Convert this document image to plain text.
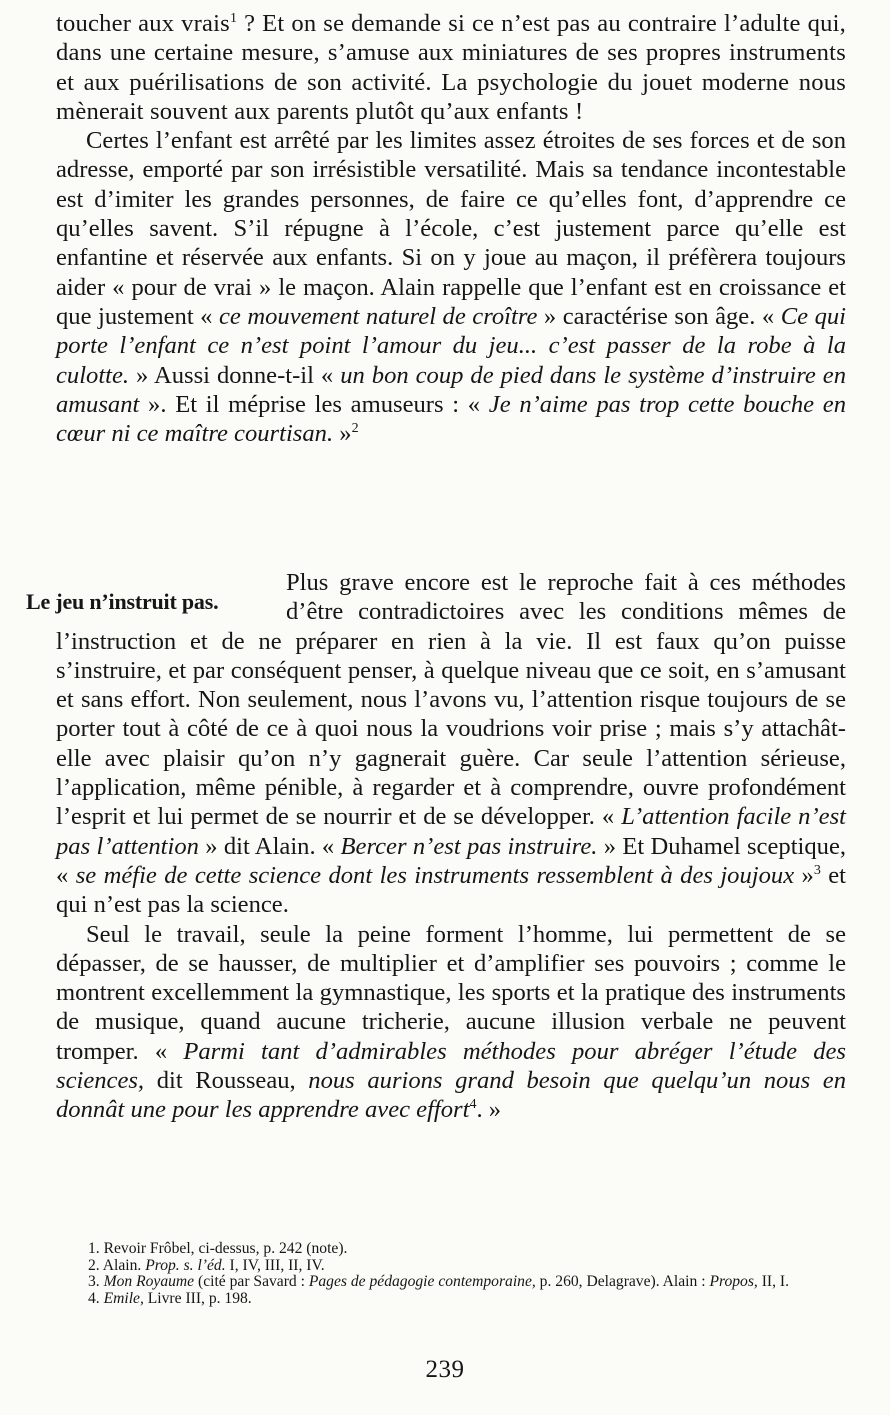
toucher aux vrais$^1$ ? Et on se demande si ce n’est pas au contraire l’adulte qui, dans une certaine mesure, s’amuse aux miniatures de ses propres instruments et aux puérilisations de son activité. La psychologie du jouet moderne nous mènerait souvent aux parents plutôt qu’aux enfants !

Certes l’enfant est arrêté par les limites assez étroites de ses forces et de son adresse, emporté par son irrésistible versatilité. Mais sa tendance incontestable est d’imiter les grandes personnes, de faire ce qu’elles font, d’apprendre ce qu’elles savent. S’il répugne à l’école, c’est justement parce qu’elle est enfantine et réservée aux enfants. Si on y joue au maçon, il préfèrera toujours aider « pour de vrai » le maçon. Alain rappelle que l’enfant est en croissance et que justement « ce mouvement naturel de croître » caractérise son âge. « Ce qui porte l’enfant ce n’est point l’amour du jeu... c’est passer de la robe à la culotte. » Aussi donne-t-il « un bon coup de pied dans le système d’instruire en amusant ». Et il méprise les amuseurs : « Je n’aime pas trop cette bouche en cœur ni ce maître courtisan. »$^2$

Le jeu n’instruit pas.

Plus grave encore est le reproche fait à ces méthodes d’être contradictoires avec les conditions mêmes de l’instruction et de ne préparer en rien à la vie. Il est faux qu’on puisse s’instruire, et par conséquent penser, à quelque niveau que ce soit, en s’amusant et sans effort. Non seulement, nous l’avons vu, l’attention risque toujours de se porter tout à côté de ce à quoi nous la voudrions voir prise ; mais s’y attachât-elle avec plaisir qu’on n’y gagnerait guère. Car seule l’attention sérieuse, l’application, même pénible, à regarder et à comprendre, ouvre profondément l’esprit et lui permet de se nourrir et de se développer. « L’attention facile n’est pas l’attention » dit Alain. « Bercer n’est pas instruire. » Et Duhamel sceptique, « se méfie de cette science dont les instruments ressemblent à des joujoux »$^3$ et qui n’est pas la science.

Seul le travail, seule la peine forment l’homme, lui permettent de se dépasser, de se hausser, de multiplier et d’amplifier ses pouvoirs ; comme le montrent excellemment la gymnastique, les sports et la pratique des instruments de musique, quand aucune tricherie, aucune illusion verbale ne peuvent tromper. « Parmi tant d’admirables méthodes pour abréger l’étude des sciences, dit Rousseau, nous aurions grand besoin que quelqu’un nous en donnât une pour les apprendre avec effort$^4$. »

1. Revoir Frôbel, ci-dessus, p. 242 (note).

2. Alain. Prop. s. l’éd. I, IV, III, II, IV.

3. Mon Royaume (cité par Savard : Pages de pédagogie contemporaine, p. 260, Delagrave). Alain : Propos, II, I.

4. Emile, Livre III, p. 198.

239
